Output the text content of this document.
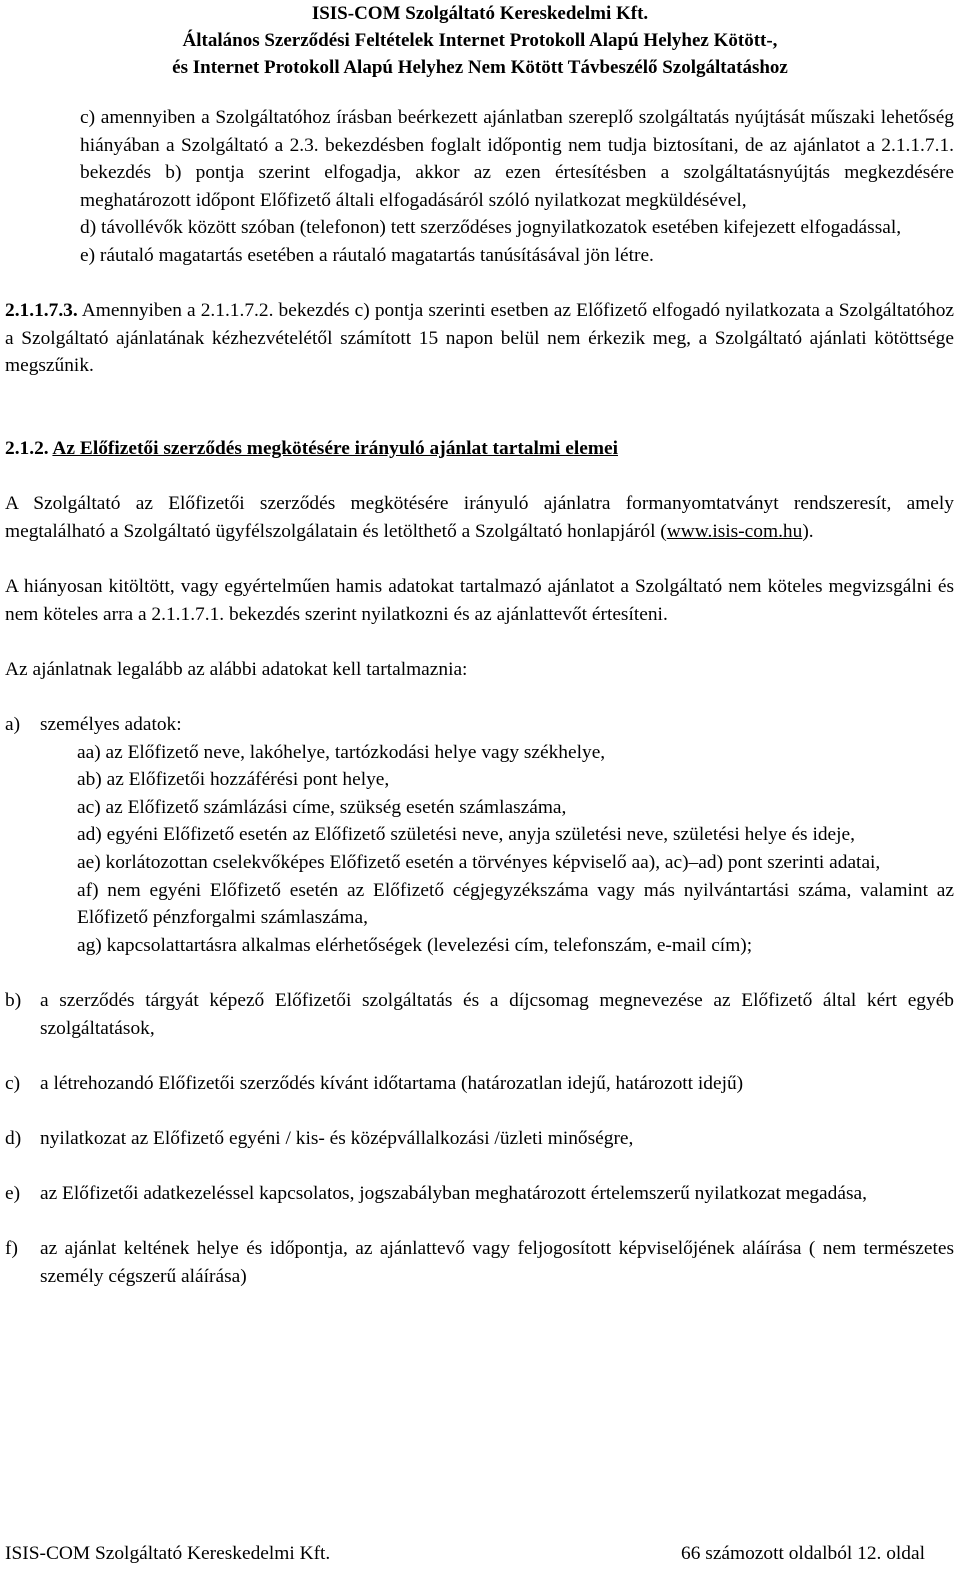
ISIS-COM Szolgáltató Kereskedelmi Kft.
Általános Szerződési Feltételek Internet Protokoll Alapú Helyhez Kötött-,
és Internet Protokoll Alapú Helyhez Nem Kötött Távbeszélő Szolgáltatáshoz

c) amennyiben a Szolgáltatóhoz írásban beérkezett ajánlatban szereplő szolgáltatás nyújtását műszaki lehetőség hiányában a Szolgáltató a 2.3. bekezdésben foglalt időpontig nem tudja biztosítani, de az ajánlatot a 2.1.1.7.1. bekezdés b) pontja szerint elfogadja, akkor az ezen értesítésben a szolgáltatásnyújtás megkezdésére meghatározott időpont Előfizető általi elfogadásáról szóló nyilatkozat megküldésével,

d) távollévők között szóban (telefonon) tett szerződéses jognyilatkozatok esetében kifejezett elfogadással,

e) ráutaló magatartás esetében a ráutaló magatartás tanúsításával jön létre.

2.1.1.7.3. Amennyiben a 2.1.1.7.2. bekezdés c) pontja szerinti esetben az Előfizető elfogadó nyilatkozata a Szolgáltatóhoz a Szolgáltató ajánlatának kézhezvételétől számított 15 napon belül nem érkezik meg, a Szolgáltató ajánlati kötöttsége megszűnik.

2.1.2. Az Előfizetői szerződés megkötésére irányuló ajánlat tartalmi elemei

A Szolgáltató az Előfizetői szerződés megkötésére irányuló ajánlatra formanyomtatványt rendszeresít, amely megtalálható a Szolgáltató ügyfélszolgálatain és letölthető a Szolgáltató honlapjáról (www.isis-com.hu).

A hiányosan kitöltött, vagy egyértelműen hamis adatokat tartalmazó ajánlatot a Szolgáltató nem köteles megvizsgálni és nem köteles arra a 2.1.1.7.1. bekezdés szerint nyilatkozni és az ajánlattevőt értesíteni.

Az ajánlatnak legalább az alábbi adatokat kell tartalmaznia:

a)	személyes adatok:
aa) az Előfizető neve, lakóhelye, tartózkodási helye vagy székhelye,
ab) az Előfizetői hozzáférési pont helye,
ac) az Előfizető számlázási címe, szükség esetén számlaszáma,
ad) egyéni Előfizető esetén az Előfizető születési neve, anyja születési neve, születési helye és ideje,
ae) korlátozottan cselekvőképes Előfizető esetén a törvényes képviselő aa), ac)–ad) pont szerinti adatai,
af) nem egyéni Előfizető esetén az Előfizető cégjegyzékszáma vagy más nyilvántartási száma, valamint az Előfizető pénzforgalmi számlaszáma,
ag) kapcsolattartásra alkalmas elérhetőségek (levelezési cím, telefonszám, e-mail cím);
b) a szerződés tárgyát képező Előfizetői szolgáltatás és a díjcsomag megnevezése az Előfizető által kért egyéb szolgáltatások,
c)	a létrehozandó Előfizetői szerződés kívánt időtartama (határozatlan idejű, határozott idejű)
d) nyilatkozat az Előfizető egyéni / kis- és középvállalkozási /üzleti minőségre,
e)	az Előfizetői adatkezeléssel kapcsolatos, jogszabályban meghatározott értelemszerű nyilatkozat megadása,
f)	az ajánlat keltének helye és időpontja, az ajánlattevő vagy feljogosított képviselőjének aláírása ( nem természetes személy cégszerű aláírása)
ISIS-COM Szolgáltató Kereskedelmi Kft.	66 számozott oldalból 12. oldal
